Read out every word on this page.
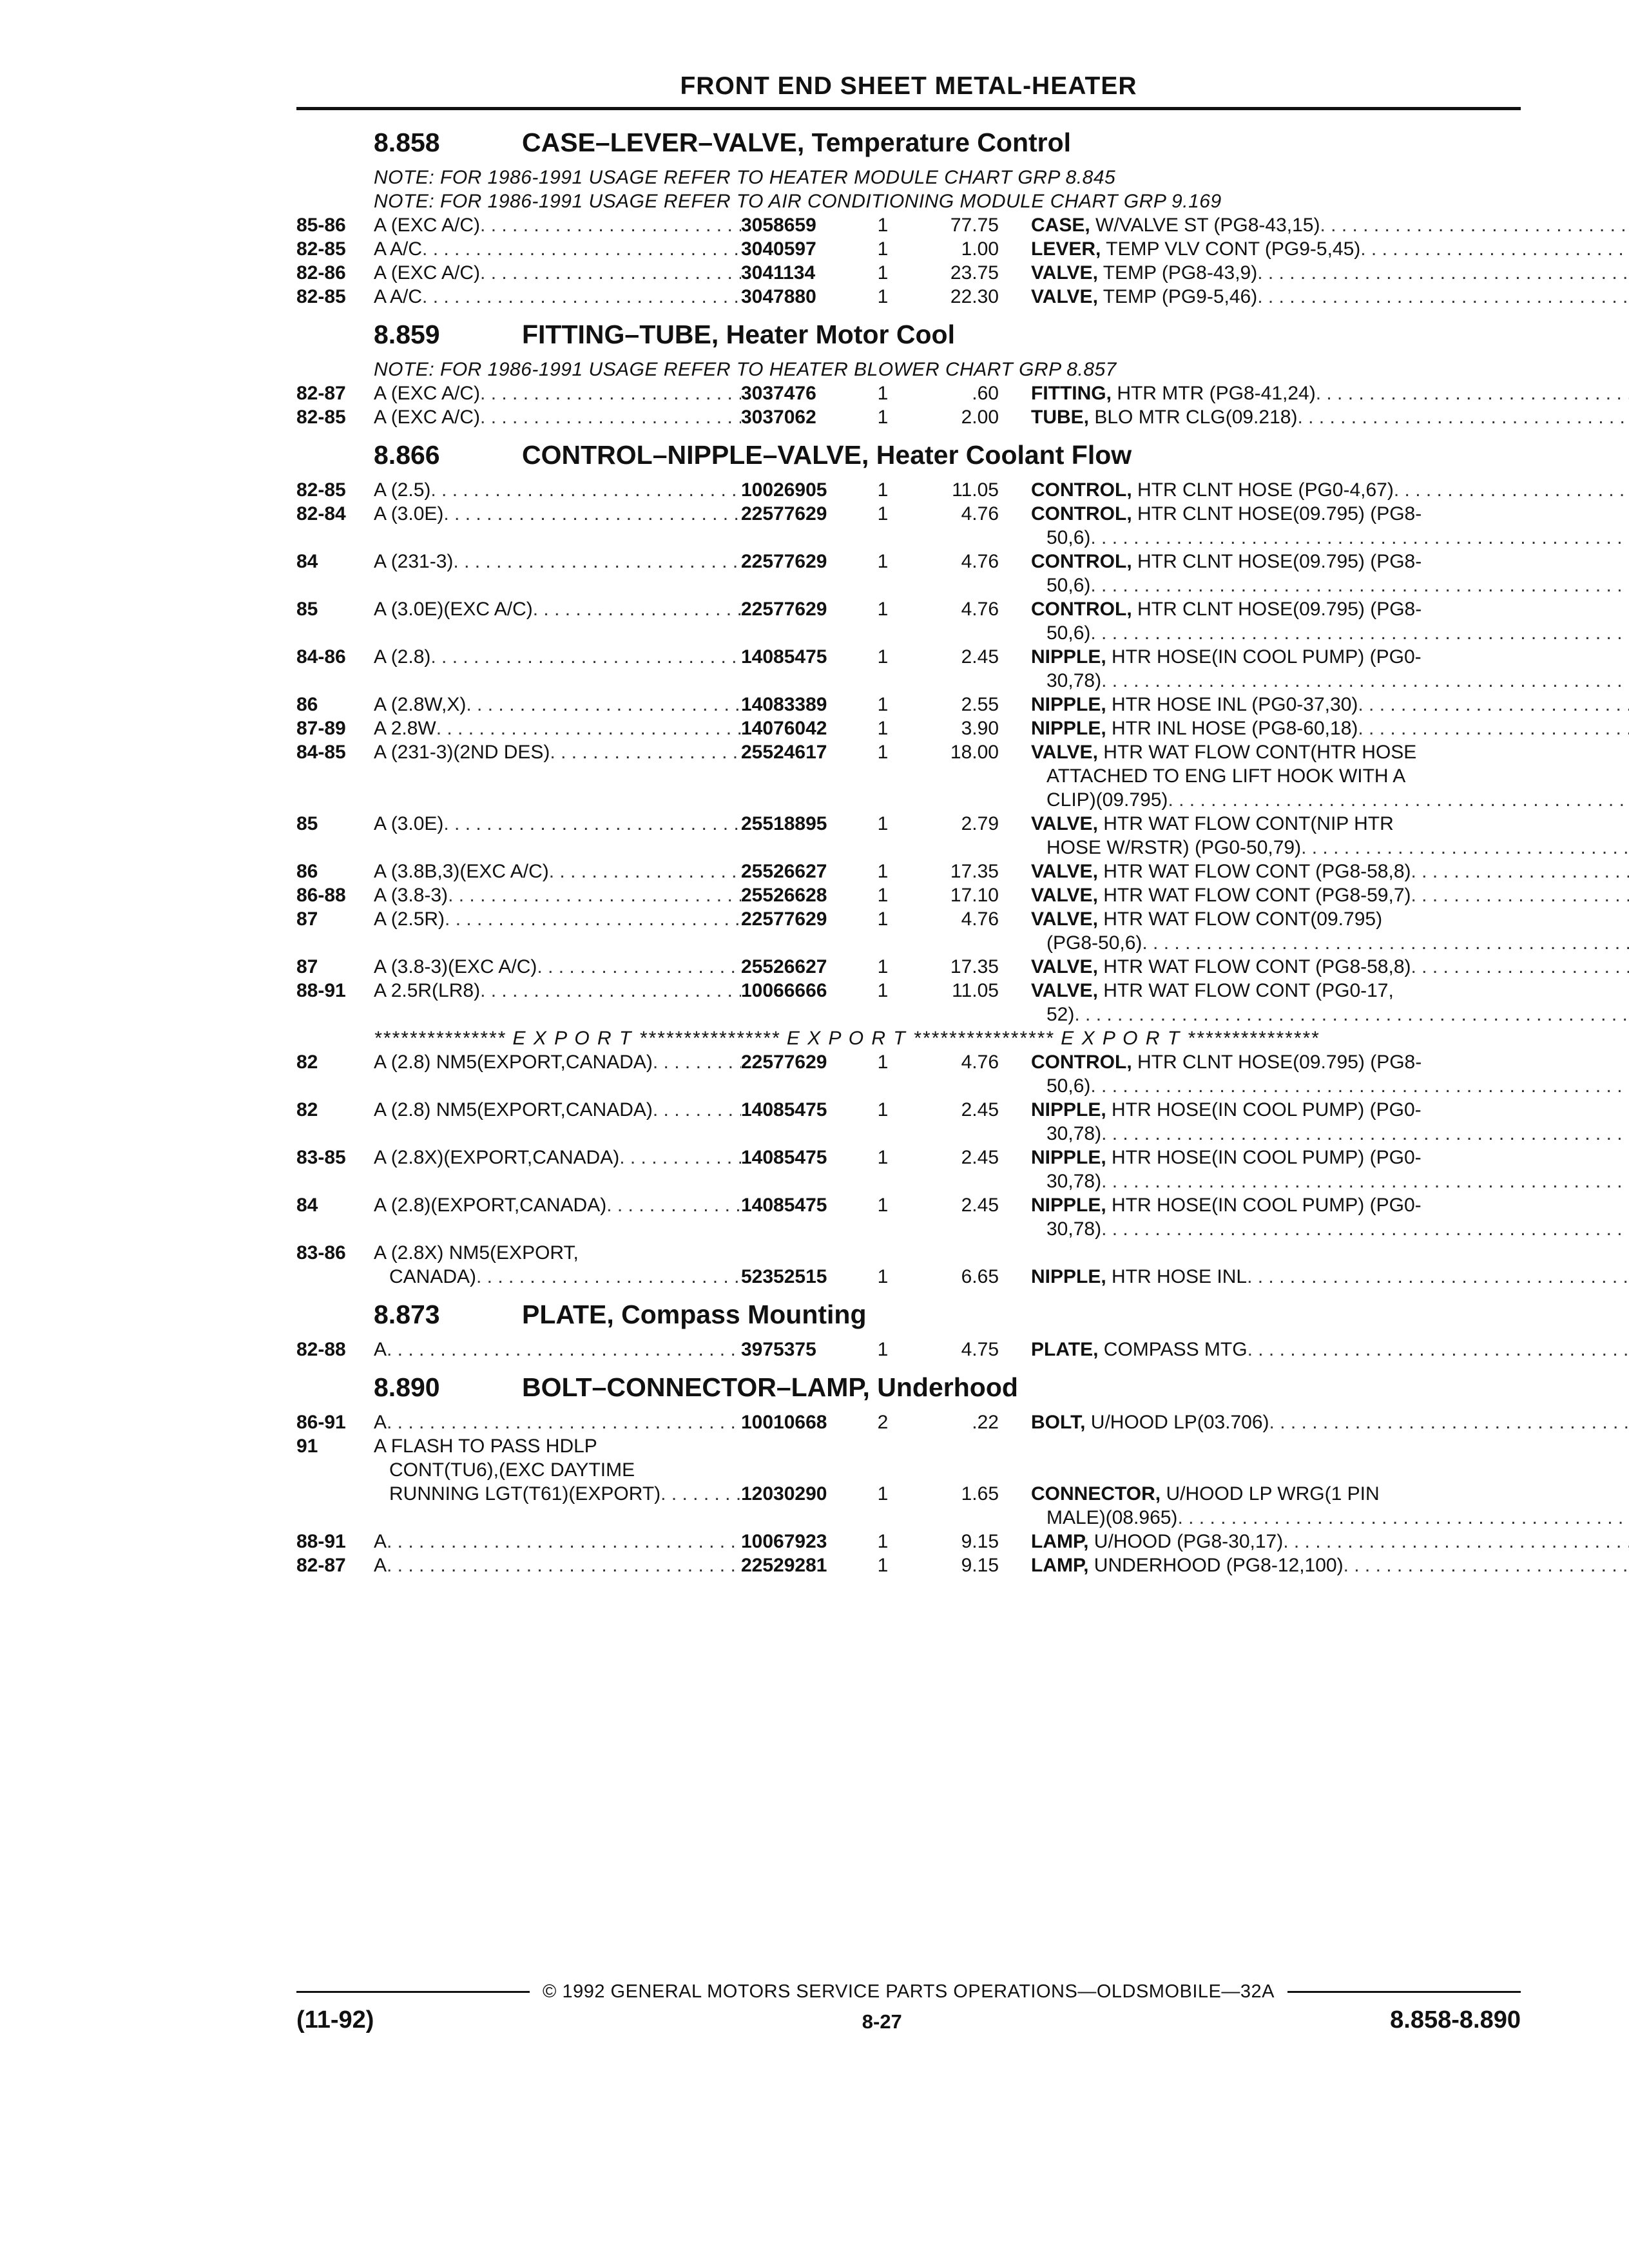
FRONT END SHEET METAL-HEATER
8.858	CASE–LEVER–VALVE, Temperature Control
NOTE: FOR 1986-1991 USAGE REFER TO HEATER MODULE CHART GRP 8.845
NOTE: FOR 1986-1991 USAGE REFER TO AIR CONDITIONING MODULE CHART GRP 9.169
85-86	A (EXC A/C) . . .	3058659	1	77.75	CASE, W/VALVE ST (PG8-43,15)
. . .
82-85	A A/C . . .	3040597	1	1.00	LEVER, TEMP VLV CONT (PG9-5,45)
. . .
82-86	A (EXC A/C) . . .	3041134	1	23.75	VALVE, TEMP (PG8-43,9)
. . .
82-85	A A/C . . .	3047880	1	22.30	VALVE, TEMP (PG9-5,46)
. . .
8.859	FITTING–TUBE, Heater Motor Cool
NOTE: FOR 1986-1991 USAGE REFER TO HEATER BLOWER CHART GRP 8.857
82-87	A (EXC A/C) . . .	3037476	1	.60	FITTING, HTR MTR (PG8-41,24)
. . .
82-85	A (EXC A/C) . . .	3037062	1	2.00	TUBE, BLO MTR CLG(09.218)
. . .
8.866	CONTROL–NIPPLE–VALVE, Heater Coolant Flow
82-85	A (2.5) . . .	10026905	1	11.05	CONTROL, HTR CLNT HOSE (PG0-4,67)
. . .
82-84	A (3.0E) . . .	22577629	1	4.76	CONTROL, HTR CLNT HOSE(09.795) (PG8-
50,6)
. . .
84	A (231-3) . . .	22577629	1	4.76	CONTROL, HTR CLNT HOSE(09.795) (PG8-
50,6)
. . .
85	A (3.0E)(EXC A/C) . . .	22577629	1	4.76	CONTROL, HTR CLNT HOSE(09.795) (PG8-
50,6)
. . .
84-86	A (2.8) . . .	14085475	1	2.45	NIPPLE, HTR HOSE(IN COOL PUMP) (PG0-
30,78)
. . .
86	A (2.8W,X) . . .	14083389	1	2.55	NIPPLE, HTR HOSE INL (PG0-37,30)
. . .
87-89	A 2.8W . . .	14076042	1	3.90	NIPPLE, HTR INL HOSE (PG8-60,18)
. . .
84-85	A (231-3)(2ND DES) . . .	25524617	1	18.00	VALVE, HTR WAT FLOW CONT(HTR HOSE
ATTACHED TO ENG LIFT HOOK WITH A
CLIP)(09.795)
. . .
85	A (3.0E) . . .	25518895	1	2.79	VALVE, HTR WAT FLOW CONT(NIP HTR
HOSE W/RSTR) (PG0-50,79)
. . .
86	A (3.8B,3)(EXC A/C) . . .	25526627	1	17.35	VALVE, HTR WAT FLOW CONT (PG8-58,8)
. . .
86-88	A (3.8-3) . . .	25526628	1	17.10	VALVE, HTR WAT FLOW CONT (PG8-59,7)
. . .
87	A (2.5R) . . .	22577629	1	4.76	VALVE, HTR WAT FLOW CONT(09.795)
(PG8-50,6)
. . .
87	A (3.8-3)(EXC A/C) . . .	25526627	1	17.35	VALVE, HTR WAT FLOW CONT (PG8-58,8)
. . .
88-91	A 2.5R(LR8) . . .	10066666	1	11.05	VALVE, HTR WAT FLOW CONT (PG0-17,
52)
. . .
*************** E X P O R T **************** E X P O R T **************** E X P O R T ***************
82	A (2.8) NM5(EXPORT,CANADA) . . .	22577629	1	4.76	CONTROL, HTR CLNT HOSE(09.795) (PG8-
50,6)
. . .
82	A (2.8) NM5(EXPORT,CANADA) . . .	14085475	1	2.45	NIPPLE, HTR HOSE(IN COOL PUMP) (PG0-
30,78)
. . .
83-85	A (2.8X)(EXPORT,CANADA) . . .	14085475	1	2.45	NIPPLE, HTR HOSE(IN COOL PUMP) (PG0-
30,78)
. . .
84	A (2.8)(EXPORT,CANADA) . . .	14085475	1	2.45	NIPPLE, HTR HOSE(IN COOL PUMP) (PG0-
30,78)
. . .
83-86	A (2.8X) NM5(EXPORT,
CANADA) . . .	52352515	1	6.65	NIPPLE, HTR HOSE INL
. . .
8.873	PLATE, Compass Mounting
82-88	A . . .	3975375	1	4.75	PLATE, COMPASS MTG
. . .
8.890	BOLT–CONNECTOR–LAMP, Underhood
86-91	A . . .	10010668	2	.22	BOLT, U/HOOD LP(03.706)
. . .
91	A FLASH TO PASS HDLP
CONT(TU6),(EXC DAYTIME
RUNNING LGT(T61)(EXPORT) . . .	12030290	1	1.65	CONNECTOR, U/HOOD LP WRG(1 PIN
MALE)(08.965)
. . .
88-91	A . . .	10067923	1	9.15	LAMP, U/HOOD (PG8-30,17)
. . .
82-87	A . . .	22529281	1	9.15	LAMP, UNDERHOOD (PG8-12,100)
. . .
© 1992 GENERAL MOTORS SERVICE PARTS OPERATIONS—OLDSMOBILE—32A
(11-92)	8-27	8.858-8.890
